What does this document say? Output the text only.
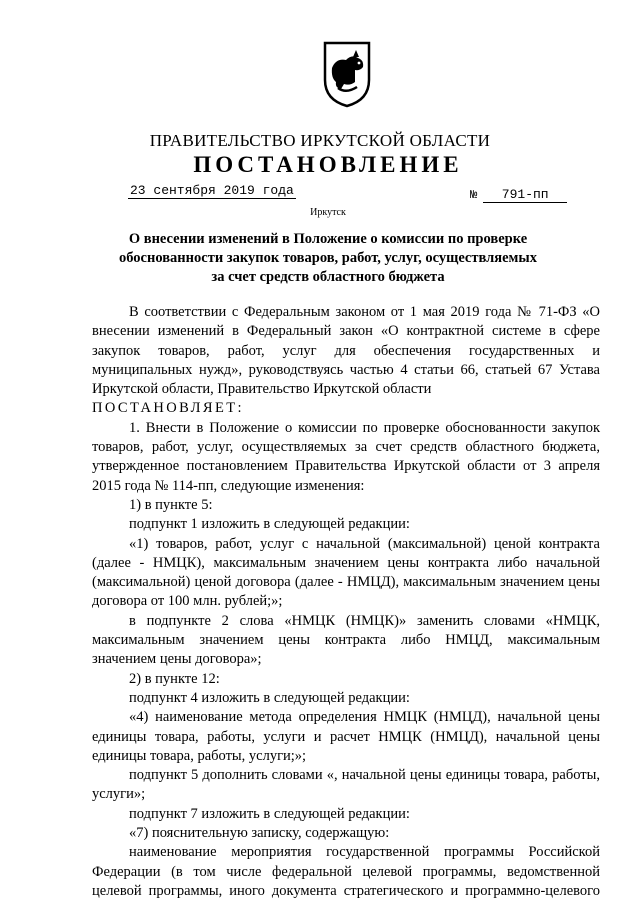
ПРАВИТЕЛЬСТВО ИРКУТСКОЙ ОБЛАСТИ
ПОСТАНОВЛЕНИЕ
23 сентября 2019 года	№ 791-пп
Иркутск
О внесении изменений в Положение о комиссии по проверке
обоснованности закупок товаров, работ, услуг, осуществляемых
за счет средств областного бюджета

В соответствии с Федеральным законом от 1 мая 2019 года № 71-ФЗ «О внесении изменений в Федеральный закон «О контрактной системе в сфере закупок товаров, работ, услуг для обеспечения государственных и муниципальных нужд», руководствуясь частью 4 статьи 66, статьей 67 Устава Иркутской области, Правительство Иркутской области

ПОСТАНОВЛЯЕТ:

1. Внести в Положение о комиссии по проверке обоснованности закупок товаров, работ, услуг, осуществляемых за счет средств областного бюджета, утвержденное постановлением Правительства Иркутской области от 3 апреля 2015 года № 114-пп, следующие изменения:

1) в пункте 5:

подпункт 1 изложить в следующей редакции:

«1) товаров, работ, услуг с начальной (максимальной) ценой контракта (далее - НМЦК), максимальным значением цены контракта либо начальной (максимальной) ценой договора (далее - НМЦД), максимальным значением цены договора от 100 млн. рублей;»;

в подпункте 2 слова «НМЦК (НМЦК)» заменить словами «НМЦК, максимальным значением цены контракта либо НМЦД, максимальным значением цены договора»;

2) в пункте 12:

подпункт 4 изложить в следующей редакции:

«4) наименование метода определения НМЦК (НМЦД), начальной цены единицы товара, работы, услуги и расчет НМЦК (НМЦД), начальной цены единицы товара, работы, услуги;»;

подпункт 5 дополнить словами «, начальной цены единицы товара, работы, услуги»;

подпункт 7 изложить в следующей редакции:

«7) пояснительную записку, содержащую:

наименование мероприятия государственной программы Российской Федерации (в том числе федеральной целевой программы, ведомственной целевой программы, иного документа стратегического и программно-целевого
